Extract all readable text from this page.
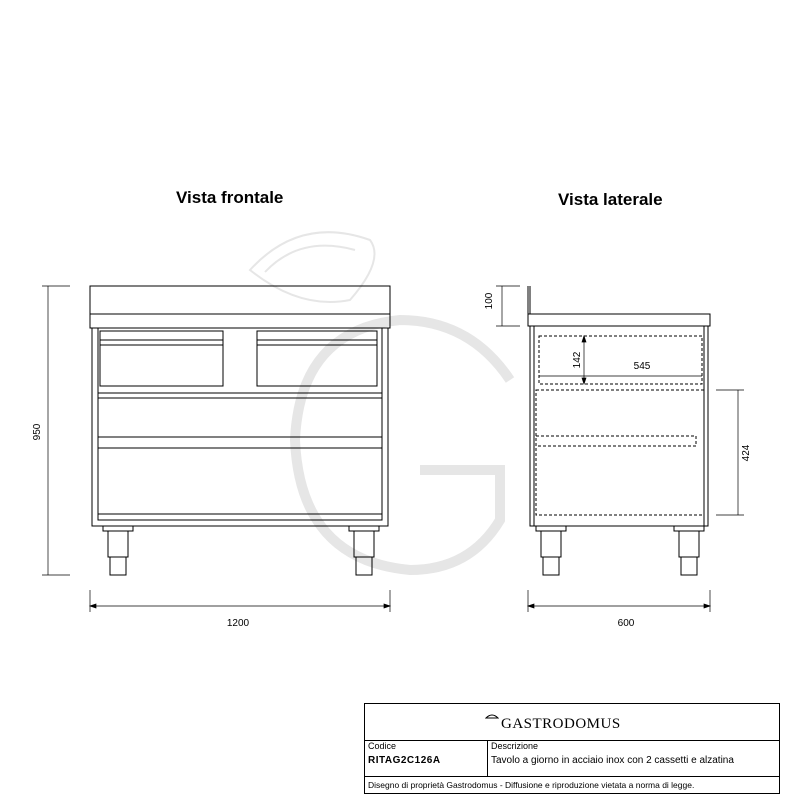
950
1200	600
100
142	545
424
Vista frontale	Vista laterale
GASTRODOMUS
Codice
RITAG2C126A
Descrizione
Tavolo a giorno in acciaio inox con 2 cassetti e alzatina
Disegno di proprietà Gastrodomus - Diffusione e riproduzione vietata a norma di legge.
